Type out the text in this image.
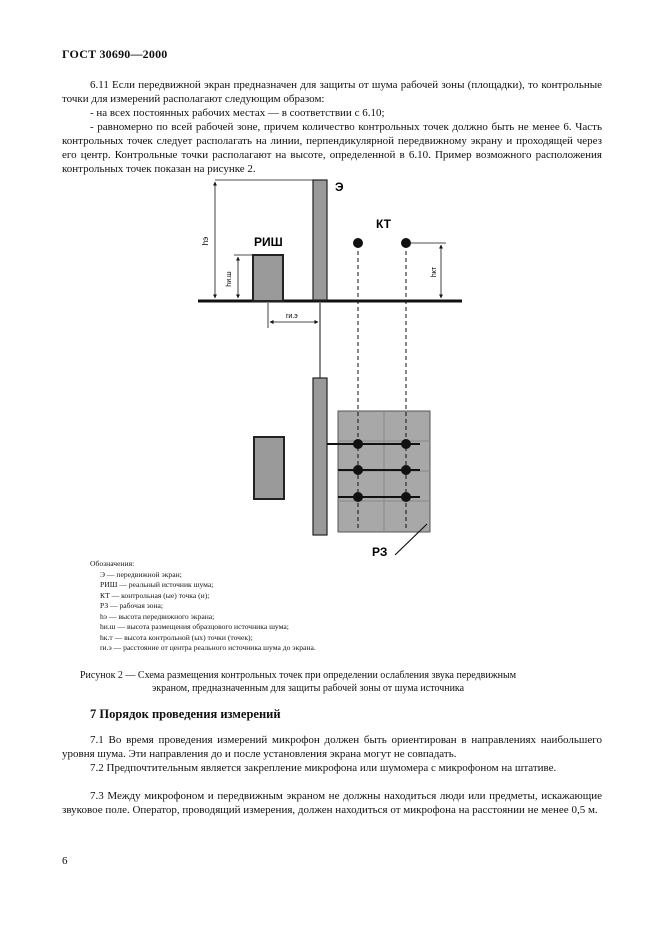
ГОСТ 30690—2000
6.11 Если передвижной экран предназначен для защиты от шума рабочей зоны (площадки), то контрольные точки для измерений располагают следующим образом:
- на всех постоянных рабочих местах — в соответствии с 6.10;
- равномерно по всей рабочей зоне, причем количество контрольных точек должно быть не менее 6. Часть контрольных точек следует располагать на линии, перпендикулярной передвижному экрану и проходящей через его центр. Контрольные точки располагают на высоте, определенной в 6.10. Пример возможного расположения контрольных точек показан на рисунке 2.
hэ
hи.ш
РИШ
Э
КТ
rи.э
hкт
РЗ
Обозначения:
Э — передвижной экран;
РИШ — реальный источник шума;
КТ — контрольная (ые) точка (и);
РЗ — рабочая зона;
hэ — высота передвижного экрана;
hи.ш — высота размещения образцового источника шума;
hк.т — высота контрольной (ых) точки (точек);
rи.э — расстояние от центра реального источника шума до экрана.
Рисунок 2 — Схема размещения контрольных точек при определении ослабления звука передвижным
экраном, предназначенным для защиты рабочей зоны от шума источника
7 Порядок проведения измерений
7.1 Во время проведения измерений микрофон должен быть ориентирован в направлениях наибольшего уровня шума. Эти направления до и после установления экрана могут не совпадать.
7.2 Предпочтительным является закрепление микрофона или шумомера с микрофоном на штативе.
7.3 Между микрофоном и передвижным экраном не должны находиться люди или предметы, искажающие звуковое поле. Оператор, проводящий измерения, должен находиться от микрофона на расстоянии не менее 0,5 м.
6
